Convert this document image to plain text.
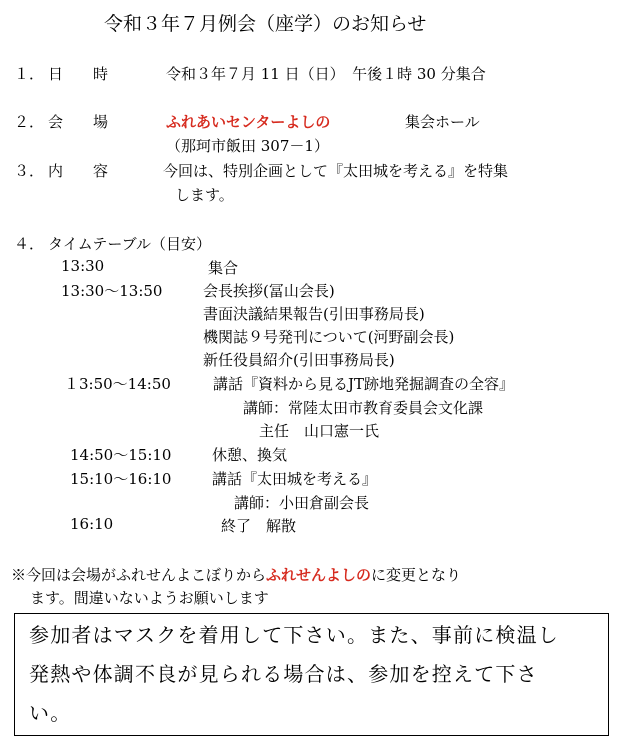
令和３年７月例会（座学）のお知らせ
１． 日　　時	令和３年７月 11 日（日）　午後１時 30 分集合
２． 会　　場	ふれあいセンターよしの	集会ホール
（那珂市飯田 307－1）
３． 内　　容	今回は、特別企画として『太田城を考える』を特集
します。
４． タイムテーブル（目安）
13:30	集合
13:30～13:50	会長挨拶(冨山会長)
書面決議結果報告(引田事務局長)
機関誌９号発刊について(河野副会長)
新任役員紹介(引田事務局長)
１3:50～14:50	講話『資料から見るJT跡地発掘調査の全容』
講師：常陸太田市教育委員会文化課
主任　山口憲一氏
14:50～15:10	休憩、換気
15:10～16:10	講話『太田城を考える』
講師：小田倉副会長
16:10	終了　解散
※今回は会場がふれせんよこぼりからふれせんよしのに変更となり
ます。間違いないようお願いします
参加者はマスクを着用して下さい。また、事前に検温し
発熱や体調不良が見られる場合は、参加を控えて下さ
い。
